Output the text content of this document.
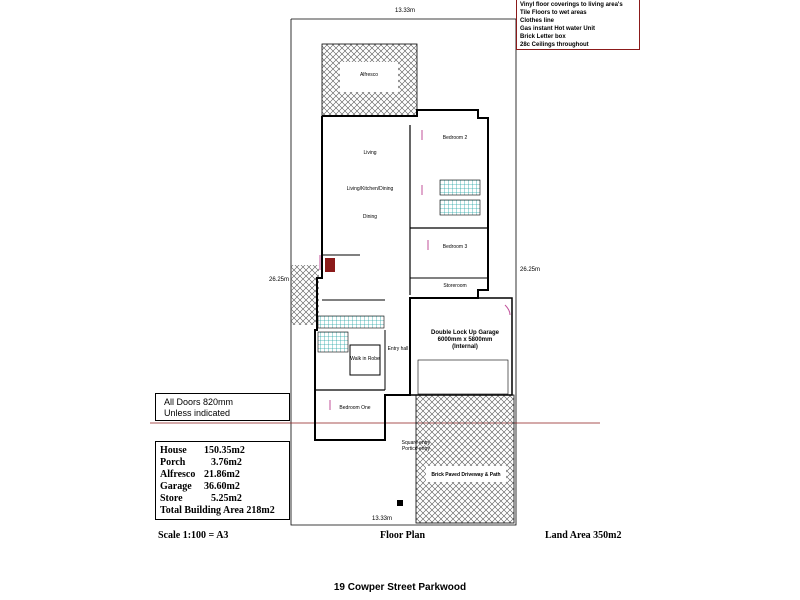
13.33m
13.33m
26.25m
26.25m
Alfresco
Living
Living/Kitchen/Dining
Dining
Bedroom 2
Bedroom 3
Storeroom
Bedroom One
Walk in Robe
Entry hall
Square entry Portico entry
Double Lock Up Garage
6000mm x 5800mm
(Internal)
Brick Paved Driveway & Path
Vinyl floor coverings to living area's
Tile Floors to wet areas
Clothes line
Gas instant Hot water Unit
Brick Letter box
28c Ceilings throughout
All Doors 820mm
Unless indicated
House	150.35m2
Porch	3.76m2
Alfresco 21.86m2
Garage	36.60m2
Store	5.25m2
Total Building Area 218m2
Scale 1:100 = A3	Floor Plan	Land Area 350m2
19 Cowper Street Parkwood
